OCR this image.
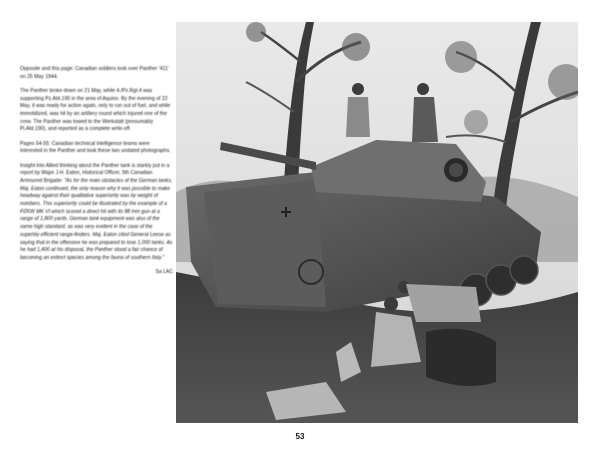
Opposite and this page: Canadian soldiers look over Panther '411' on 25 May 1944.

The Panther broke down on 21 May, while 4./Pz.Rgt.4 was supporting Pz.Abt.190 in the area of Aquino. By the evening of 22 May, it was ready for action again, only to run out of fuel, and while immobilized, was hit by an artillery round which injured one of the crew. The Panther was towed to the Werkstatt (presumably Pi.Abt.190), and reported as a complete write-off.

Pages 54-55: Canadian technical intelligence teams were interested in the Panther and took these two undated photographs.

Insight into Allied thinking about the Panther tank is starkly put in a report by Major J.H. Eaton, Historical Officer, 5th Canadian Armoured Brigade: "As for the main obstacles of the German tanks, Maj. Eaton continued, the only reason why it was possible to make headway against their qualitative superiority was by weight of numbers. This superiority could be illustrated by the example of a PZKW MK VI which scored a direct hit with its 88 mm gun at a range of 1,800 yards. German tank equipment was also of the same high standard, as was very evident in the case of the superbly efficient range-finders. Maj. Eaton cited General Leese as saying that in the offensive he was prepared to lose 1,000 tanks. As he had 1,400 at his disposal, the Panther stood a fair chance of becoming an extinct species among the fauna of southern Italy."

Sa LAC
53
